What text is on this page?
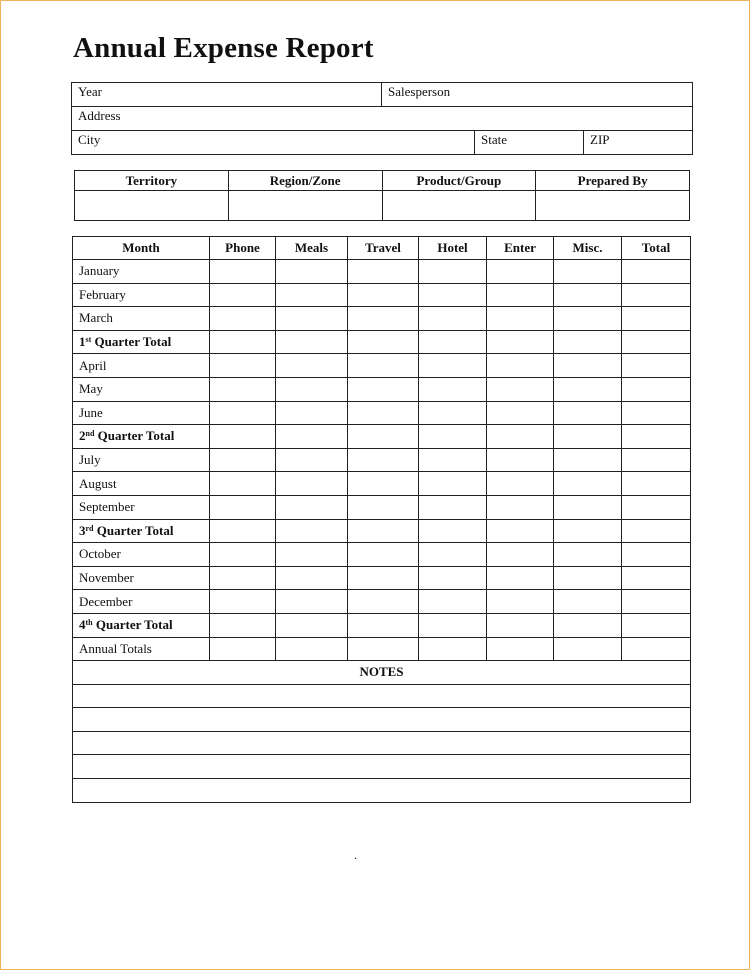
Annual Expense Report
Year	Salesperson		
Address			
City		State	ZIP
Territory	Region/Zone	Product/Group	Prepared By

Month	Phone	Meals	Travel	Hotel	Enter	Misc.	Total
January							
February							
March							
1st Quarter Total							
April							
May							
June							
2nd Quarter Total							
July							
August							
September							
3rd Quarter Total							
October							
November							
December							
4th Quarter Total							
Annual Totals							
NOTES							

.
